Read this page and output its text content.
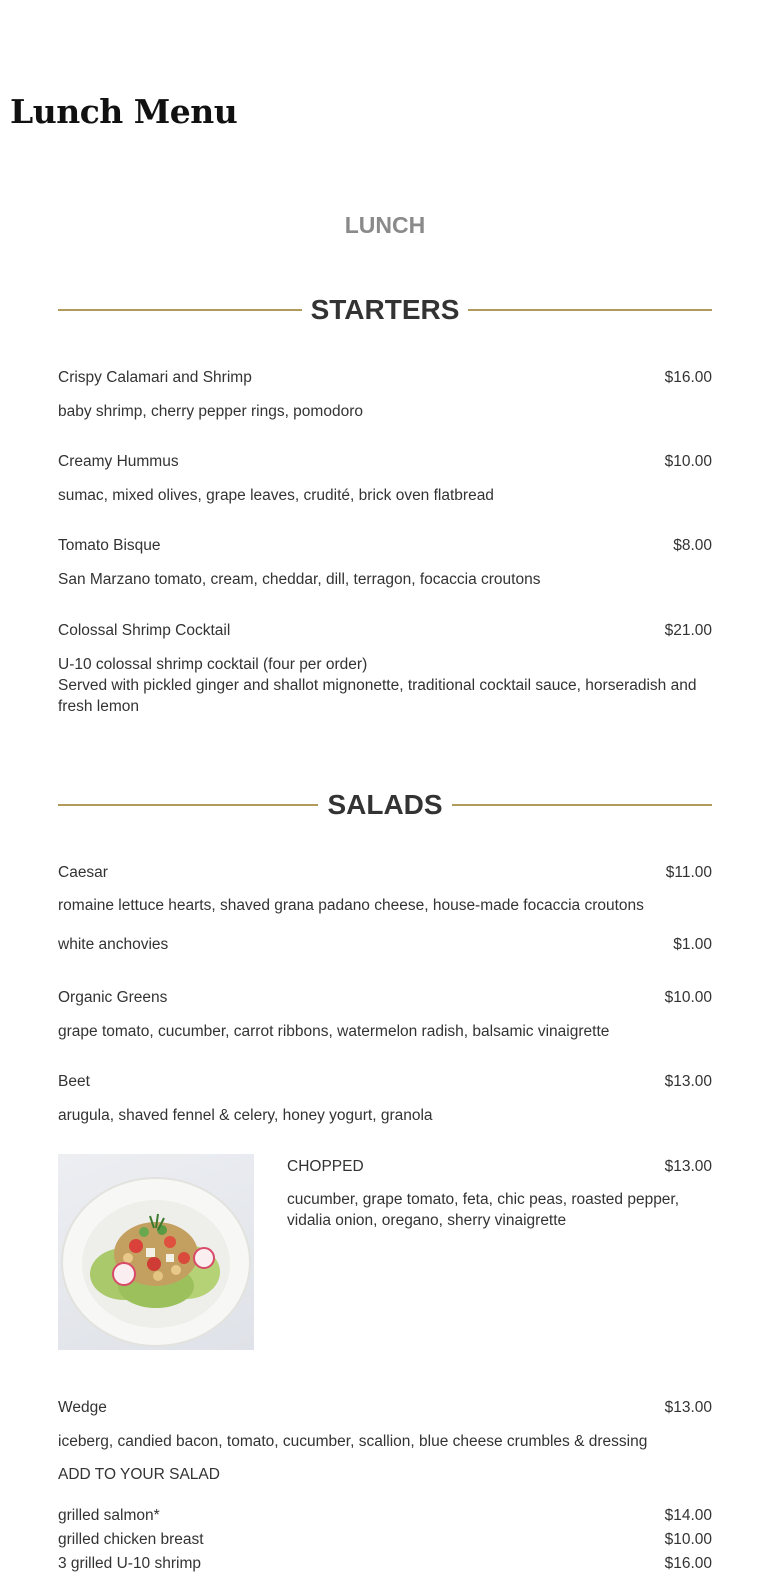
Lunch Menu
LUNCH
STARTERS
Crispy Calamari and Shrimp	$16.00
baby shrimp, cherry pepper rings, pomodoro
Creamy Hummus	$10.00
sumac, mixed olives, grape leaves, crudité, brick oven flatbread
Tomato Bisque	$8.00
San Marzano tomato, cream, cheddar, dill, terragon, focaccia croutons
Colossal Shrimp Cocktail	$21.00
U-10 colossal shrimp cocktail (four per order)
Served with pickled ginger and shallot mignonette, traditional cocktail sauce, horseradish and fresh lemon
SALADS
Caesar	$11.00
romaine lettuce hearts, shaved grana padano cheese, house-made focaccia croutons
white anchovies	$1.00
Organic Greens	$10.00
grape tomato, cucumber, carrot ribbons, watermelon radish, balsamic vinaigrette
Beet	$13.00
arugula, shaved fennel & celery, honey yogurt, granola
CHOPPED	$13.00
cucumber, grape tomato, feta, chic peas, roasted pepper, vidalia onion, oregano, sherry vinaigrette
Wedge	$13.00
iceberg, candied bacon, tomato, cucumber, scallion, blue cheese crumbles & dressing
ADD TO YOUR SALAD
grilled salmon*	$14.00
grilled chicken breast	$10.00
3 grilled U-10 shrimp	$16.00
